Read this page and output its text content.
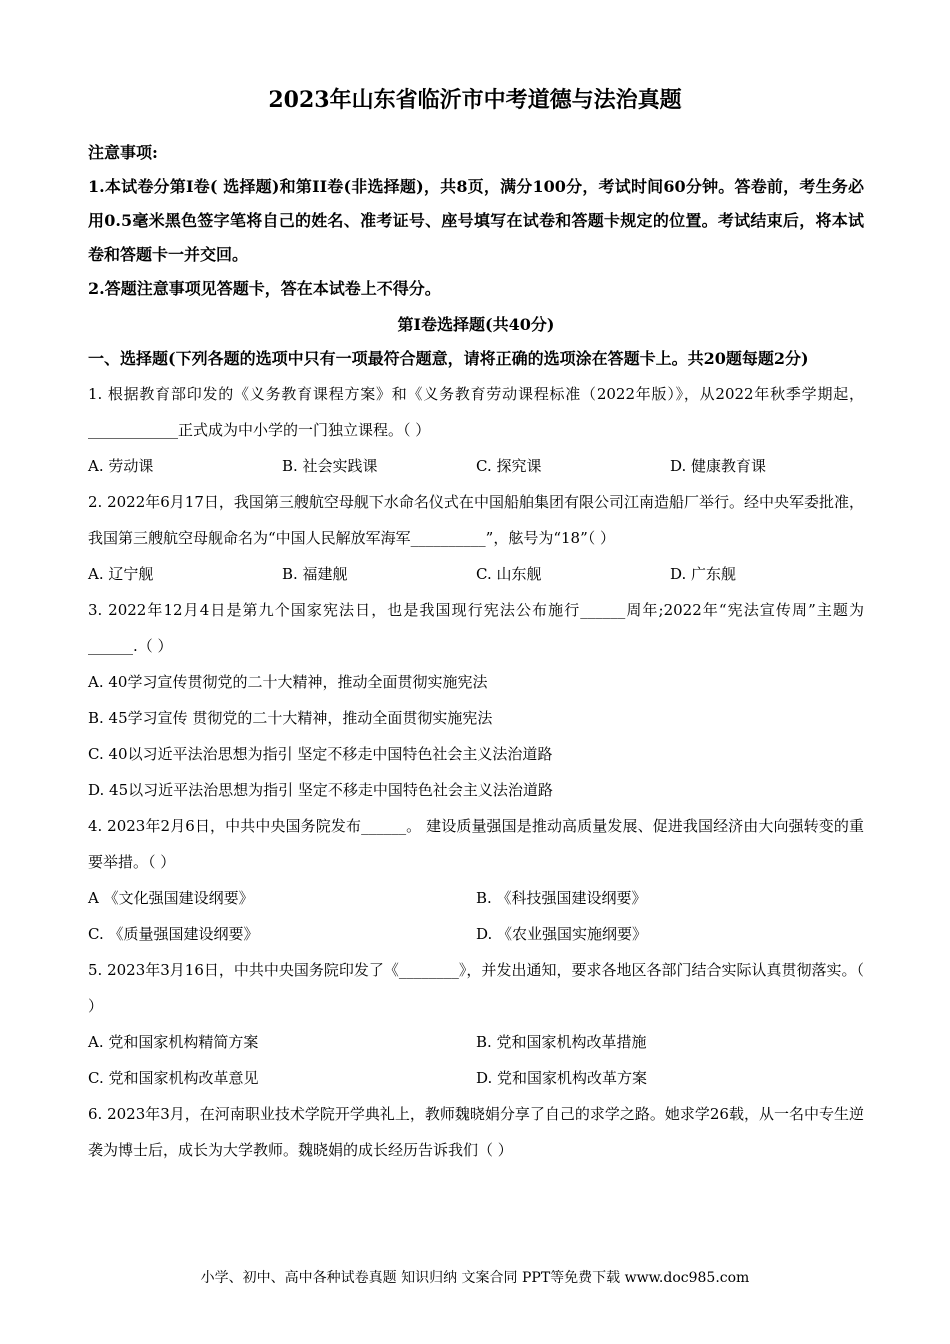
2023年山东省临沂市中考道德与法治真题
注意事项:
1.本试卷分第I卷( 选择题)和第II卷(非选择题)，共8页，满分100分，考试时间60分钟。答卷前，考生务必用0.5毫米黑色签字笔将自己的姓名、准考证号、座号填写在试卷和答题卡规定的位置。考试结束后，将本试卷和答题卡一并交回。
2.答题注意事项见答题卡，答在本试卷上不得分。
第I卷选择题(共40分)
一、选择题(下列各题的选项中只有一项最符合题意，请将正确的选项涂在答题卡上。共20题每题2分)
1. 根据教育部印发的《义务教育课程方案》和《义务教育劳动课程标准（2022年版）》，从2022年秋季学期起，____________正式成为中小学的一门独立课程。（ ）
A. 劳动课	B. 社会实践课	C. 探究课	D. 健康教育课
2. 2022年6月17日，我国第三艘航空母舰下水命名仪式在中国船舶集团有限公司江南造船厂举行。经中央军委批准，我国第三艘航空母舰命名为“中国人民解放军海军__________”，舷号为“18”（ ）
A. 辽宁舰	B. 福建舰	C. 山东舰	D. 广东舰
3. 2022年12月4日是第九个国家宪法日，也是我国现行宪法公布施行______周年;2022年“宪法宣传周”主题为______.（ ）
A. 40学习宣传贯彻党的二十大精神，推动全面贯彻实施宪法
B. 45学习宣传 贯彻党的二十大精神，推动全面贯彻实施宪法
C. 40以习近平法治思想为指引 坚定不移走中国特色社会主义法治道路
D. 45以习近平法治思想为指引 坚定不移走中国特色社会主义法治道路
4. 2023年2月6日，中共中央国务院发布______。 建设质量强国是推动高质量发展、促进我国经济由大向强转变的重要举措。（ ）
A 《文化强国建设纲要》	B. 《科技强国建设纲要》
C. 《质量强国建设纲要》	D. 《农业强国实施纲要》
5. 2023年3月16日，中共中央国务院印发了《________》，并发出通知，要求各地区各部门结合实际认真贯彻落实。（ ）
A. 党和国家机构精简方案	B. 党和国家机构改革措施
C. 党和国家机构改革意见	D. 党和国家机构改革方案
6. 2023年3月，在河南职业技术学院开学典礼上，教师魏晓娟分享了自己的求学之路。她求学26载，从一名中专生逆袭为博士后，成长为大学教师。魏晓娟的成长经历告诉我们（ ）
小学、初中、高中各种试卷真题 知识归纳 文案合同 PPT等免费下载 www.doc985.com
